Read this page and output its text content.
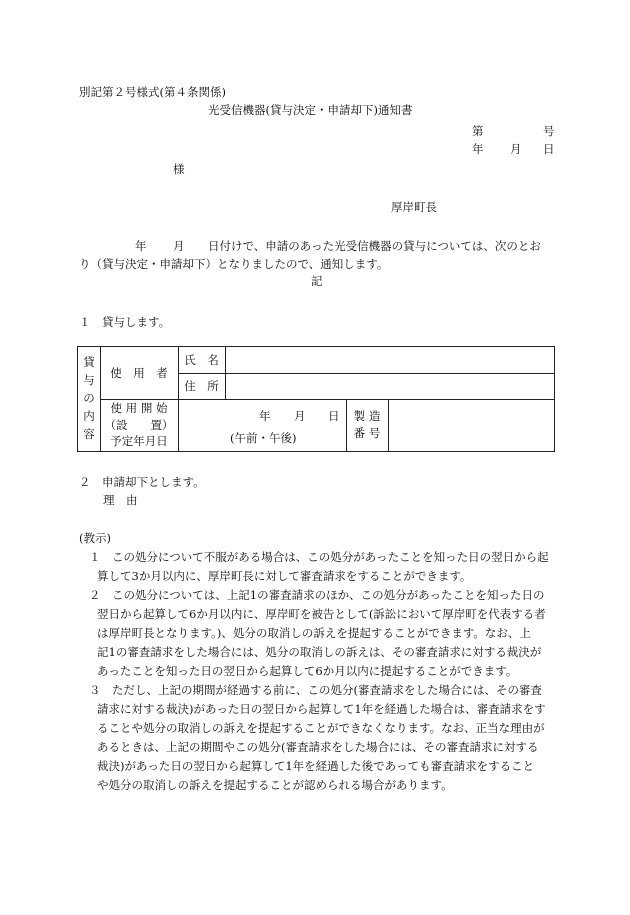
別記第２号様式(第４条関係)
光受信機器(貸与決定・申請却下)通知書
第	号
年 月 日
様
厚岸町長
年 月 日付けで、申請のあった光受信機器の貸与については、次のとお
り（貸与決定・申請却下）となりましたので、通知します。
記
１　貸与します。
貸
与
の
内
容
使　用　者
氏　名
住　所
使 用 開 始
（設　　置）
予定年月日
年 月 日
(午前・午後)
製 造
番 号
２　申請却下とします。
理　由
(教示)
１　この処分について不服がある場合は、この処分があったことを知った日の翌日から起
算して3か月以内に、厚岸町長に対して審査請求をすることができます。
２　この処分については、上記1の審査請求のほか、この処分があったことを知った日の
翌日から起算して6か月以内に、厚岸町を被告として(訴訟において厚岸町を代表する者
は厚岸町長となります。)、処分の取消しの訴えを提起することができます。なお、上
記1の審査請求をした場合には、処分の取消しの訴えは、その審査請求に対する裁決が
あったことを知った日の翌日から起算して6か月以内に提起することができます。
３　ただし、上記の期間が経過する前に、この処分(審査請求をした場合には、その審査
請求に対する裁決)があった日の翌日から起算して1年を経過した場合は、審査請求をす
ることや処分の取消しの訴えを提起することができなくなります。なお、正当な理由が
あるときは、上記の期間やこの処分(審査請求をした場合には、その審査請求に対する
裁決)があった日の翌日から起算して1年を経過した後であっても審査請求をすること
や処分の取消しの訴えを提起することが認められる場合があります。
